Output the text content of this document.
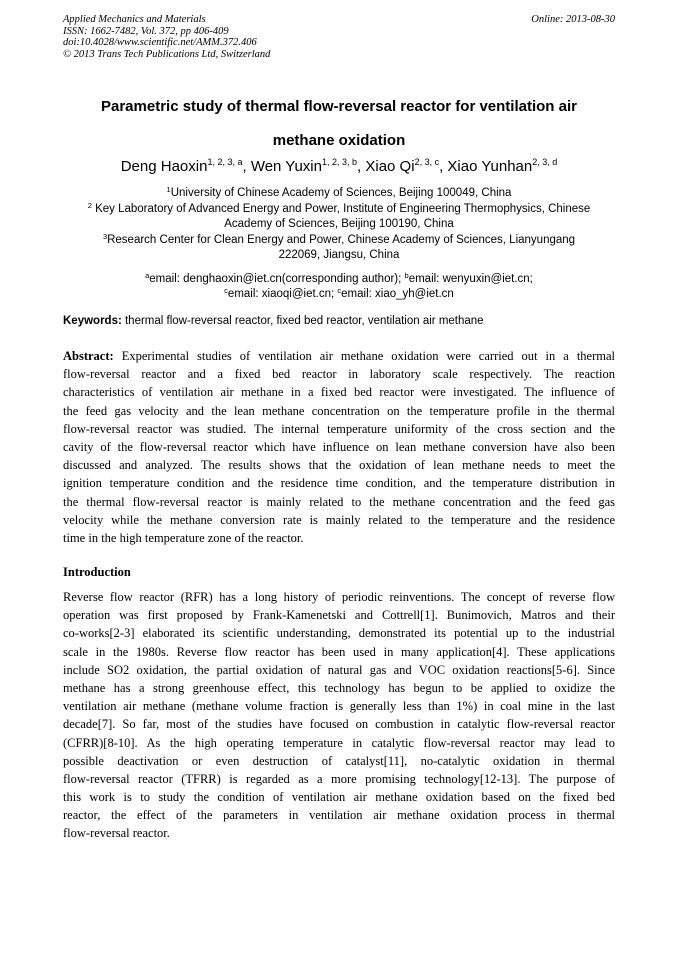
Applied Mechanics and Materials
ISSN: 1662-7482, Vol. 372, pp 406-409
doi:10.4028/www.scientific.net/AMM.372.406
© 2013 Trans Tech Publications Ltd, Switzerland
Online: 2013-08-30
Parametric study of thermal flow-reversal reactor for ventilation air
methane oxidation
Deng Haoxin$^{1, 2, 3, a}$, Wen Yuxin$^{1, 2, 3, b}$, Xiao Qi$^{2, 3, c}$, Xiao Yunhan$^{2, 3, d}$
$^1$University of Chinese Academy of Sciences, Beijing 100049, China
$^2$ Key Laboratory of Advanced Energy and Power, Institute of Engineering Thermophysics, Chinese
Academy of Sciences, Beijing 100190, China
$^3$Research Center for Clean Energy and Power, Chinese Academy of Sciences, Lianyungang
222069, Jiangsu, China
$^a$email: denghaoxin@iet.cn(corresponding author); $^b$email: wenyuxin@iet.cn;
$^c$email: xiaoqi@iet.cn; $^c$email: xiao_yh@iet.cn
Keywords: thermal flow-reversal reactor, fixed bed reactor, ventilation air methane
Abstract: Experimental studies of ventilation air methane oxidation were carried out in a thermal
flow-reversal reactor and a fixed bed reactor in laboratory scale respectively. The reaction
characteristics of ventilation air methane in a fixed bed reactor were investigated. The influence of
the feed gas velocity and the lean methane concentration on the temperature profile in the thermal
flow-reversal reactor was studied. The internal temperature uniformity of the cross section and the
cavity of the flow-reversal reactor which have influence on lean methane conversion have also been
discussed and analyzed. The results shows that the oxidation of lean methane needs to meet the
ignition temperature condition and the residence time condition, and the temperature distribution in
the thermal flow-reversal reactor is mainly related to the methane concentration and the feed gas
velocity while the methane conversion rate is mainly related to the temperature and the residence
time in the high temperature zone of the reactor.
Introduction
Reverse flow reactor (RFR) has a long history of periodic reinventions. The concept of reverse flow
operation was first proposed by Frank-Kamenetski and Cottrell[1]. Bunimovich, Matros and their
co-works[2-3] elaborated its scientific understanding, demonstrated its potential up to the industrial
scale in the 1980s. Reverse flow reactor has been used in many application[4]. These applications
include SO2 oxidation, the partial oxidation of natural gas and VOC oxidation reactions[5-6]. Since
methane has a strong greenhouse effect, this technology has begun to be applied to oxidize the
ventilation air methane (methane volume fraction is generally less than 1%) in coal mine in the last
decade[7]. So far, most of the studies have focused on combustion in catalytic flow-reversal reactor
(CFRR)[8-10]. As the high operating temperature in catalytic flow-reversal reactor may lead to
possible deactivation or even destruction of catalyst[11], no-catalytic oxidation in thermal
flow-reversal reactor (TFRR) is regarded as a more promising technology[12-13]. The purpose of
this work is to study the condition of ventilation air methane oxidation based on the fixed bed
reactor, the effect of the parameters in ventilation air methane oxidation process in thermal
flow-reversal reactor.
